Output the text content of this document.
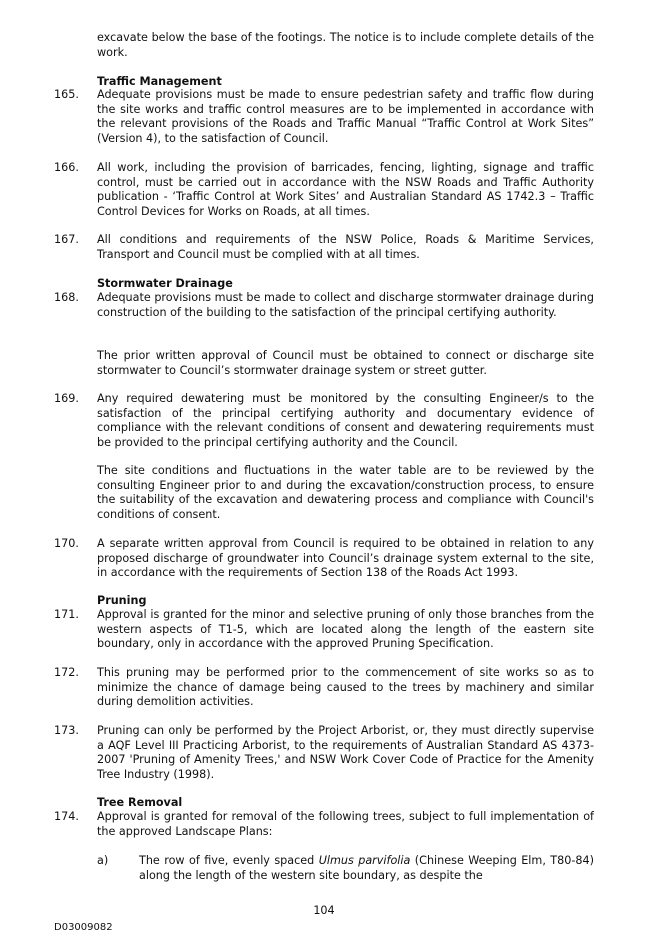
excavate below the base of the footings. The notice is to include complete details of the work.
Traffic Management
165.	Adequate provisions must be made to ensure pedestrian safety and traffic flow during the site works and traffic control measures are to be implemented in accordance with the relevant provisions of the Roads and Traffic Manual “Traffic Control at Work Sites” (Version 4), to the satisfaction of Council.
166.	All work, including the provision of barricades, fencing, lighting, signage and traffic control, must be carried out in accordance with the NSW Roads and Traffic Authority publication - ‘Traffic Control at Work Sites’ and Australian Standard AS 1742.3 – Traffic Control Devices for Works on Roads, at all times.
167.	All conditions and requirements of the NSW Police, Roads & Maritime Services, Transport and Council must be complied with at all times.
Stormwater Drainage
168.	Adequate provisions must be made to collect and discharge stormwater drainage during construction of the building to the satisfaction of the principal certifying authority.
The prior written approval of Council must be obtained to connect or discharge site stormwater to Council’s stormwater drainage system or street gutter.
169.	Any required dewatering must be monitored by the consulting Engineer/s to the satisfaction of the principal certifying authority and documentary evidence of compliance with the relevant conditions of consent and dewatering requirements must be provided to the principal certifying authority and the Council.
The site conditions and fluctuations in the water table are to be reviewed by the consulting Engineer prior to and during the excavation/construction process, to ensure the suitability of the excavation and dewatering process and compliance with Council's conditions of consent.
170.	A separate written approval from Council is required to be obtained in relation to any proposed discharge of groundwater into Council’s drainage system external to the site, in accordance with the requirements of Section 138 of the Roads Act 1993.
Pruning
171.	Approval is granted for the minor and selective pruning of only those branches from the western aspects of T1-5, which are located along the length of the eastern site boundary, only in accordance with the approved Pruning Specification.
172.	This pruning may be performed prior to the commencement of site works so as to minimize the chance of damage being caused to the trees by machinery and similar during demolition activities.
173.	Pruning can only be performed by the Project Arborist, or, they must directly supervise a AQF Level III Practicing Arborist, to the requirements of Australian Standard AS 4373-2007 'Pruning of Amenity Trees,' and NSW Work Cover Code of Practice for the Amenity Tree Industry (1998).
Tree Removal
174.	Approval is granted for removal of the following trees, subject to full implementation of the approved Landscape Plans:
a)	The row of five, evenly spaced Ulmus parvifolia (Chinese Weeping Elm, T80-84) along the length of the western site boundary, as despite the
104
D03009082
